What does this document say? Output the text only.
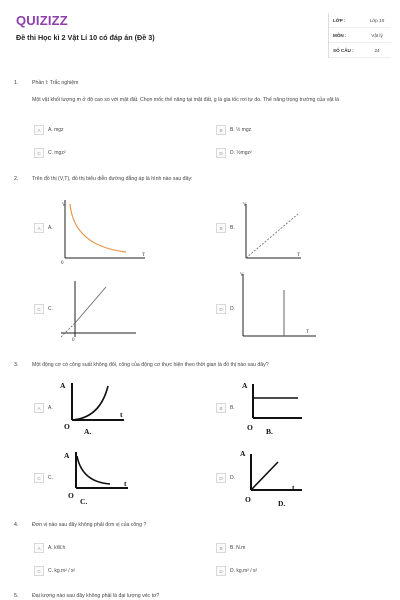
QUIZIZZ
Đề thi Học kì 2 Vật Lí 10 có đáp án (Đề 3)
LỚP :	Lớp 10
MÔN :	Vật lý
SỐ CÂU :	24
1.	Phần I: Trắc nghiệm
Một vật khối lượng m ở độ cao so với mặt đất. Chọn mốc thế năng tại mặt đất, g là gia tốc rơi tự do. Thế năng trọng trường của vật là
A	A. mgz	B	B. ½ mgz
C	C. mgz²	D	D. ½mgz²
2.	Trên đồ thị (V,T), đồ thị biểu diễn đường đẳng áp là hình nào sau đây:
A	A.
V
T
0
B	B.
V
T
C	C.
0
D	D.
V
T
3.	Một động cơ có công suất không đổi, công của động cơ thực hiện theo thời gian là đồ thị nào sau đây?
A	A.
A
t
O
A.
B	B.
A
O B.
C	C.
A
t
O
C.
D	D.
A
t
O	D.
4.	Đơn vị nào sau đây không phải đơn vị của công ?
A	A. kW.h	B	B. N.m
C	C. kg.m² / s²	D	D. kg.m² / s²
5.	Đại lượng nào sau đây không phải là đại lượng véc tơ?
